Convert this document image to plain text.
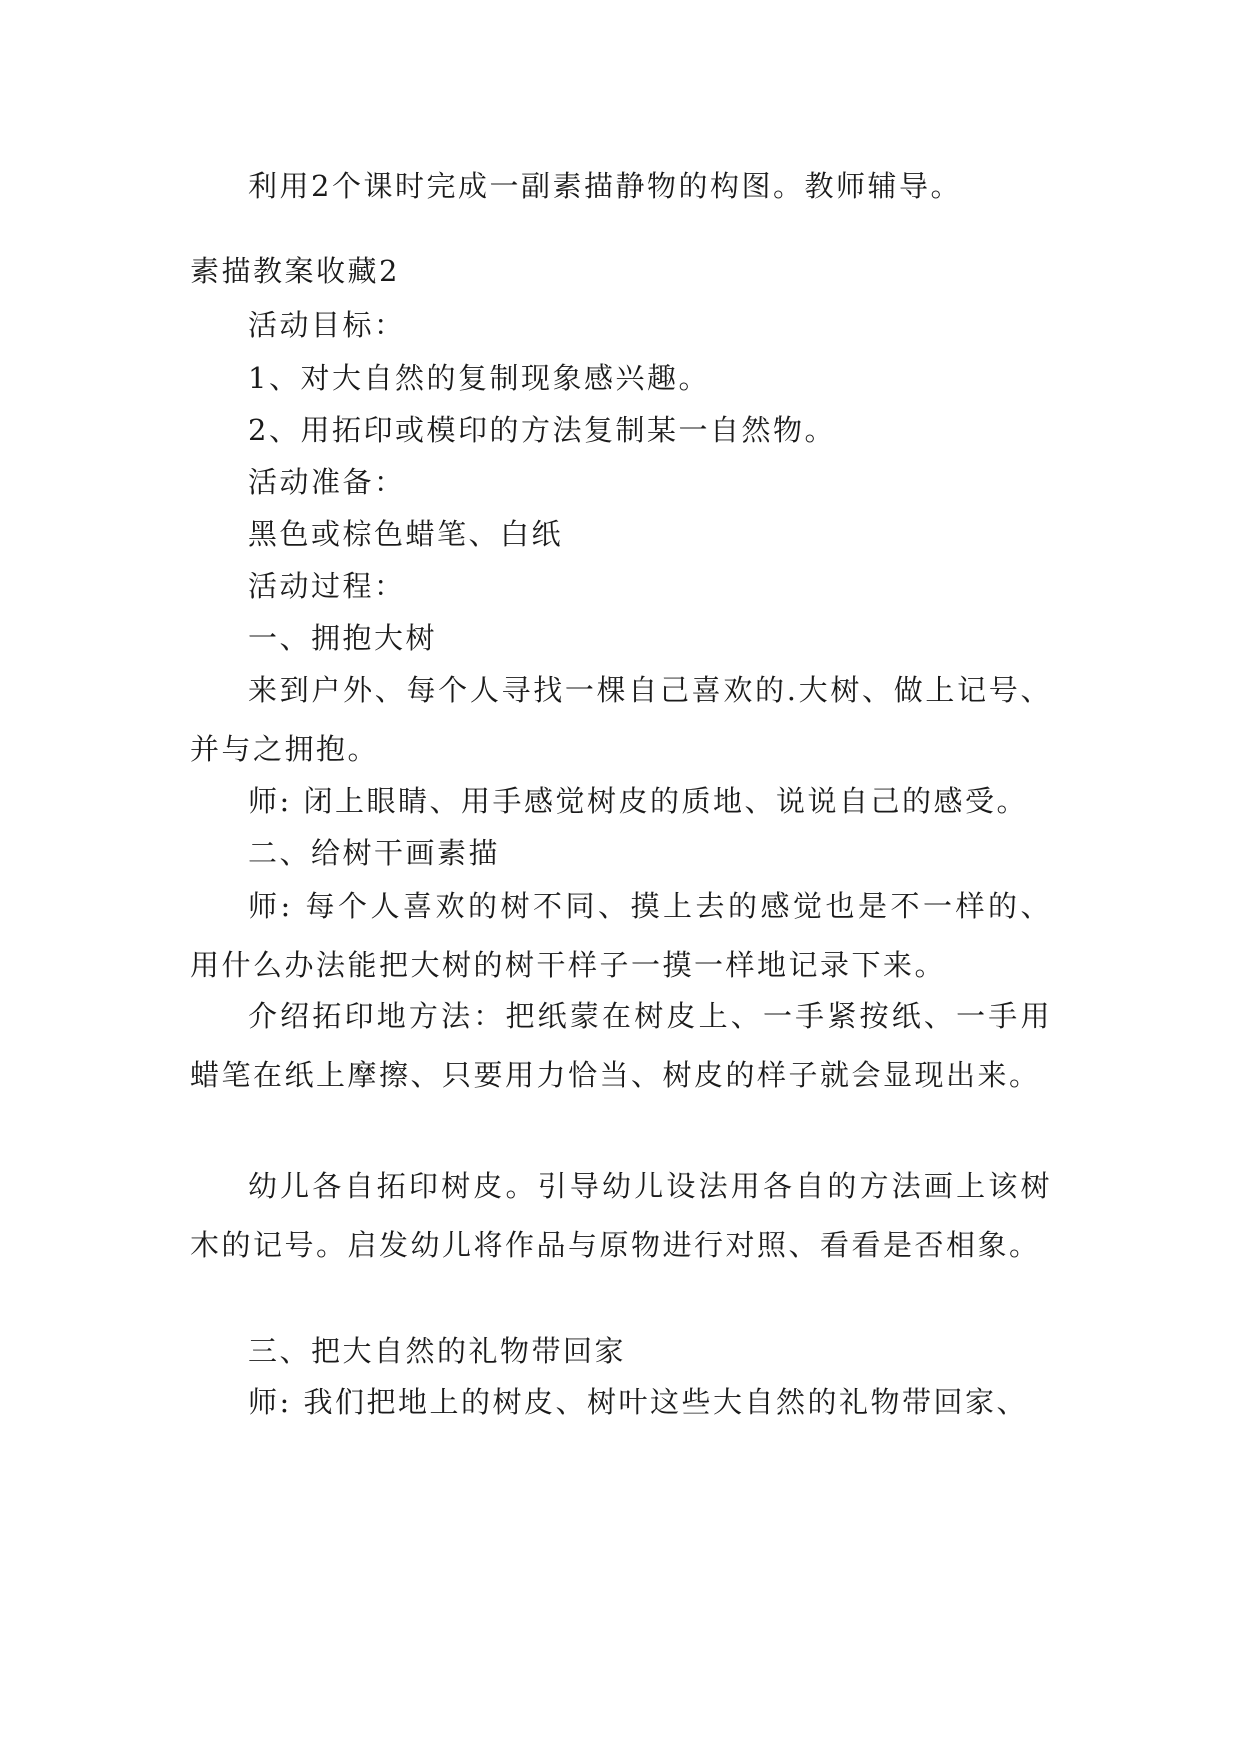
利用2个课时完成一副素描静物的构图。教师辅导。
素描教案收藏2
活动目标：
1、对大自然的复制现象感兴趣。
2、用拓印或模印的方法复制某一自然物。
活动准备：
黑色或棕色蜡笔、白纸
活动过程：
一、拥抱大树
来到户外、每个人寻找一棵自己喜欢的.大树、做上记号、并与之拥抱。
师: 闭上眼睛、用手感觉树皮的质地、说说自己的感受。
二、给树干画素描
师: 每个人喜欢的树不同、摸上去的感觉也是不一样的、用什么办法能把大树的树干样子一摸一样地记录下来。
介绍拓印地方法：把纸蒙在树皮上、一手紧按纸、一手用蜡笔在纸上摩擦、只要用力恰当、树皮的样子就会显现出来。
幼儿各自拓印树皮。引导幼儿设法用各自的方法画上该树木的记号。启发幼儿将作品与原物进行对照、看看是否相象。
三、把大自然的礼物带回家
师: 我们把地上的树皮、树叶这些大自然的礼物带回家、
